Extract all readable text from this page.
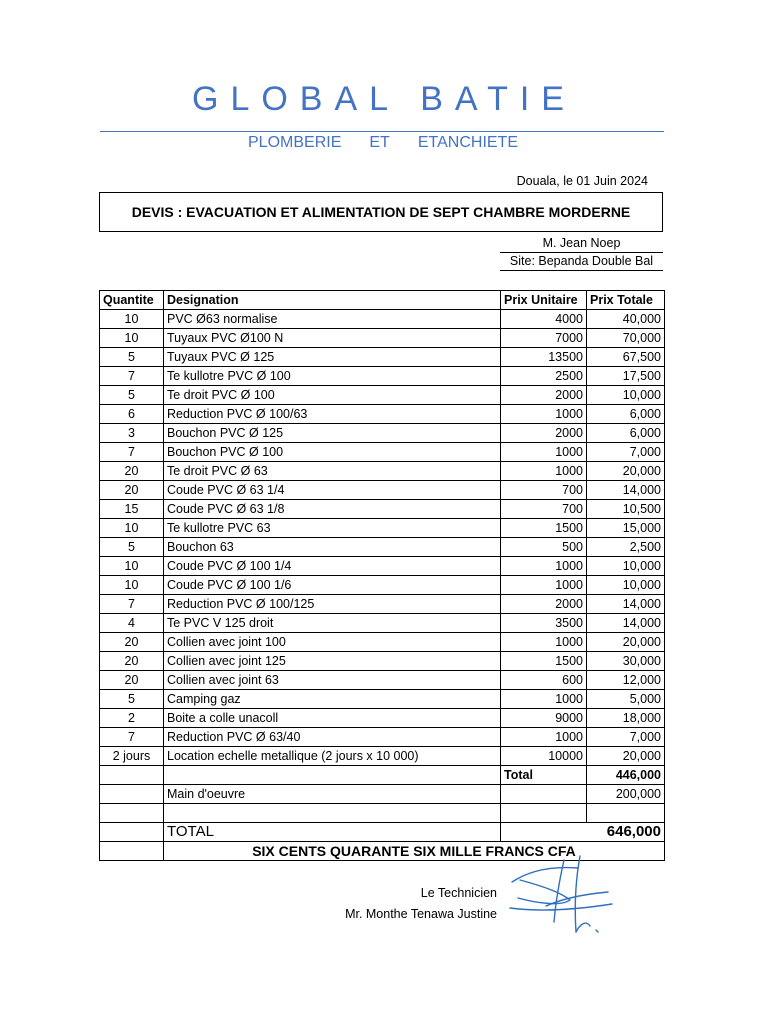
GLOBAL BATIE
PLOMBERIE ET ETANCHIETE
Douala, le 01 Juin 2024
DEVIS : EVACUATION ET ALIMENTATION DE SEPT CHAMBRE MORDERNE
M. Jean Noep
Site: Bepanda Double Bal
Quantite	Designation	Prix Unitaire	Prix Totale
10	PVC Ø63 normalise	4000	40,000
10	Tuyaux PVC Ø100 N	7000	70,000
5	Tuyaux PVC Ø 125	13500	67,500
7	Te kullotre PVC Ø 100	2500	17,500
5	Te droit PVC Ø 100	2000	10,000
6	Reduction PVC Ø 100/63	1000	6,000
3	Bouchon PVC Ø 125	2000	6,000
7	Bouchon PVC Ø 100	1000	7,000
20	Te droit PVC Ø 63	1000	20,000
20	Coude PVC Ø 63 1/4	700	14,000
15	Coude PVC Ø 63 1/8	700	10,500
10	Te kullotre PVC 63	1500	15,000
5	Bouchon 63	500	2,500
10	Coude PVC Ø 100 1/4	1000	10,000
10	Coude PVC Ø 100 1/6	1000	10,000
7	Reduction PVC Ø 100/125	2000	14,000
4	Te PVC V 125 droit	3500	14,000
20	Collien avec joint 100	1000	20,000
20	Collien avec joint 125	1500	30,000
20	Collien avec joint 63	600	12,000
5	Camping gaz	1000	5,000
2	Boite a colle unacoll	9000	18,000
7	Reduction PVC Ø 63/40	1000	7,000
2 jours	Location echelle metallique (2 jours x 10 000)	10000	20,000
		Total	446,000
	Main d'oeuvre		200,000

	TOTAL		646,000
	SIX CENTS QUARANTE SIX MILLE FRANCS CFA		
Le Technicien
Mr. Monthe Tenawa Justine
